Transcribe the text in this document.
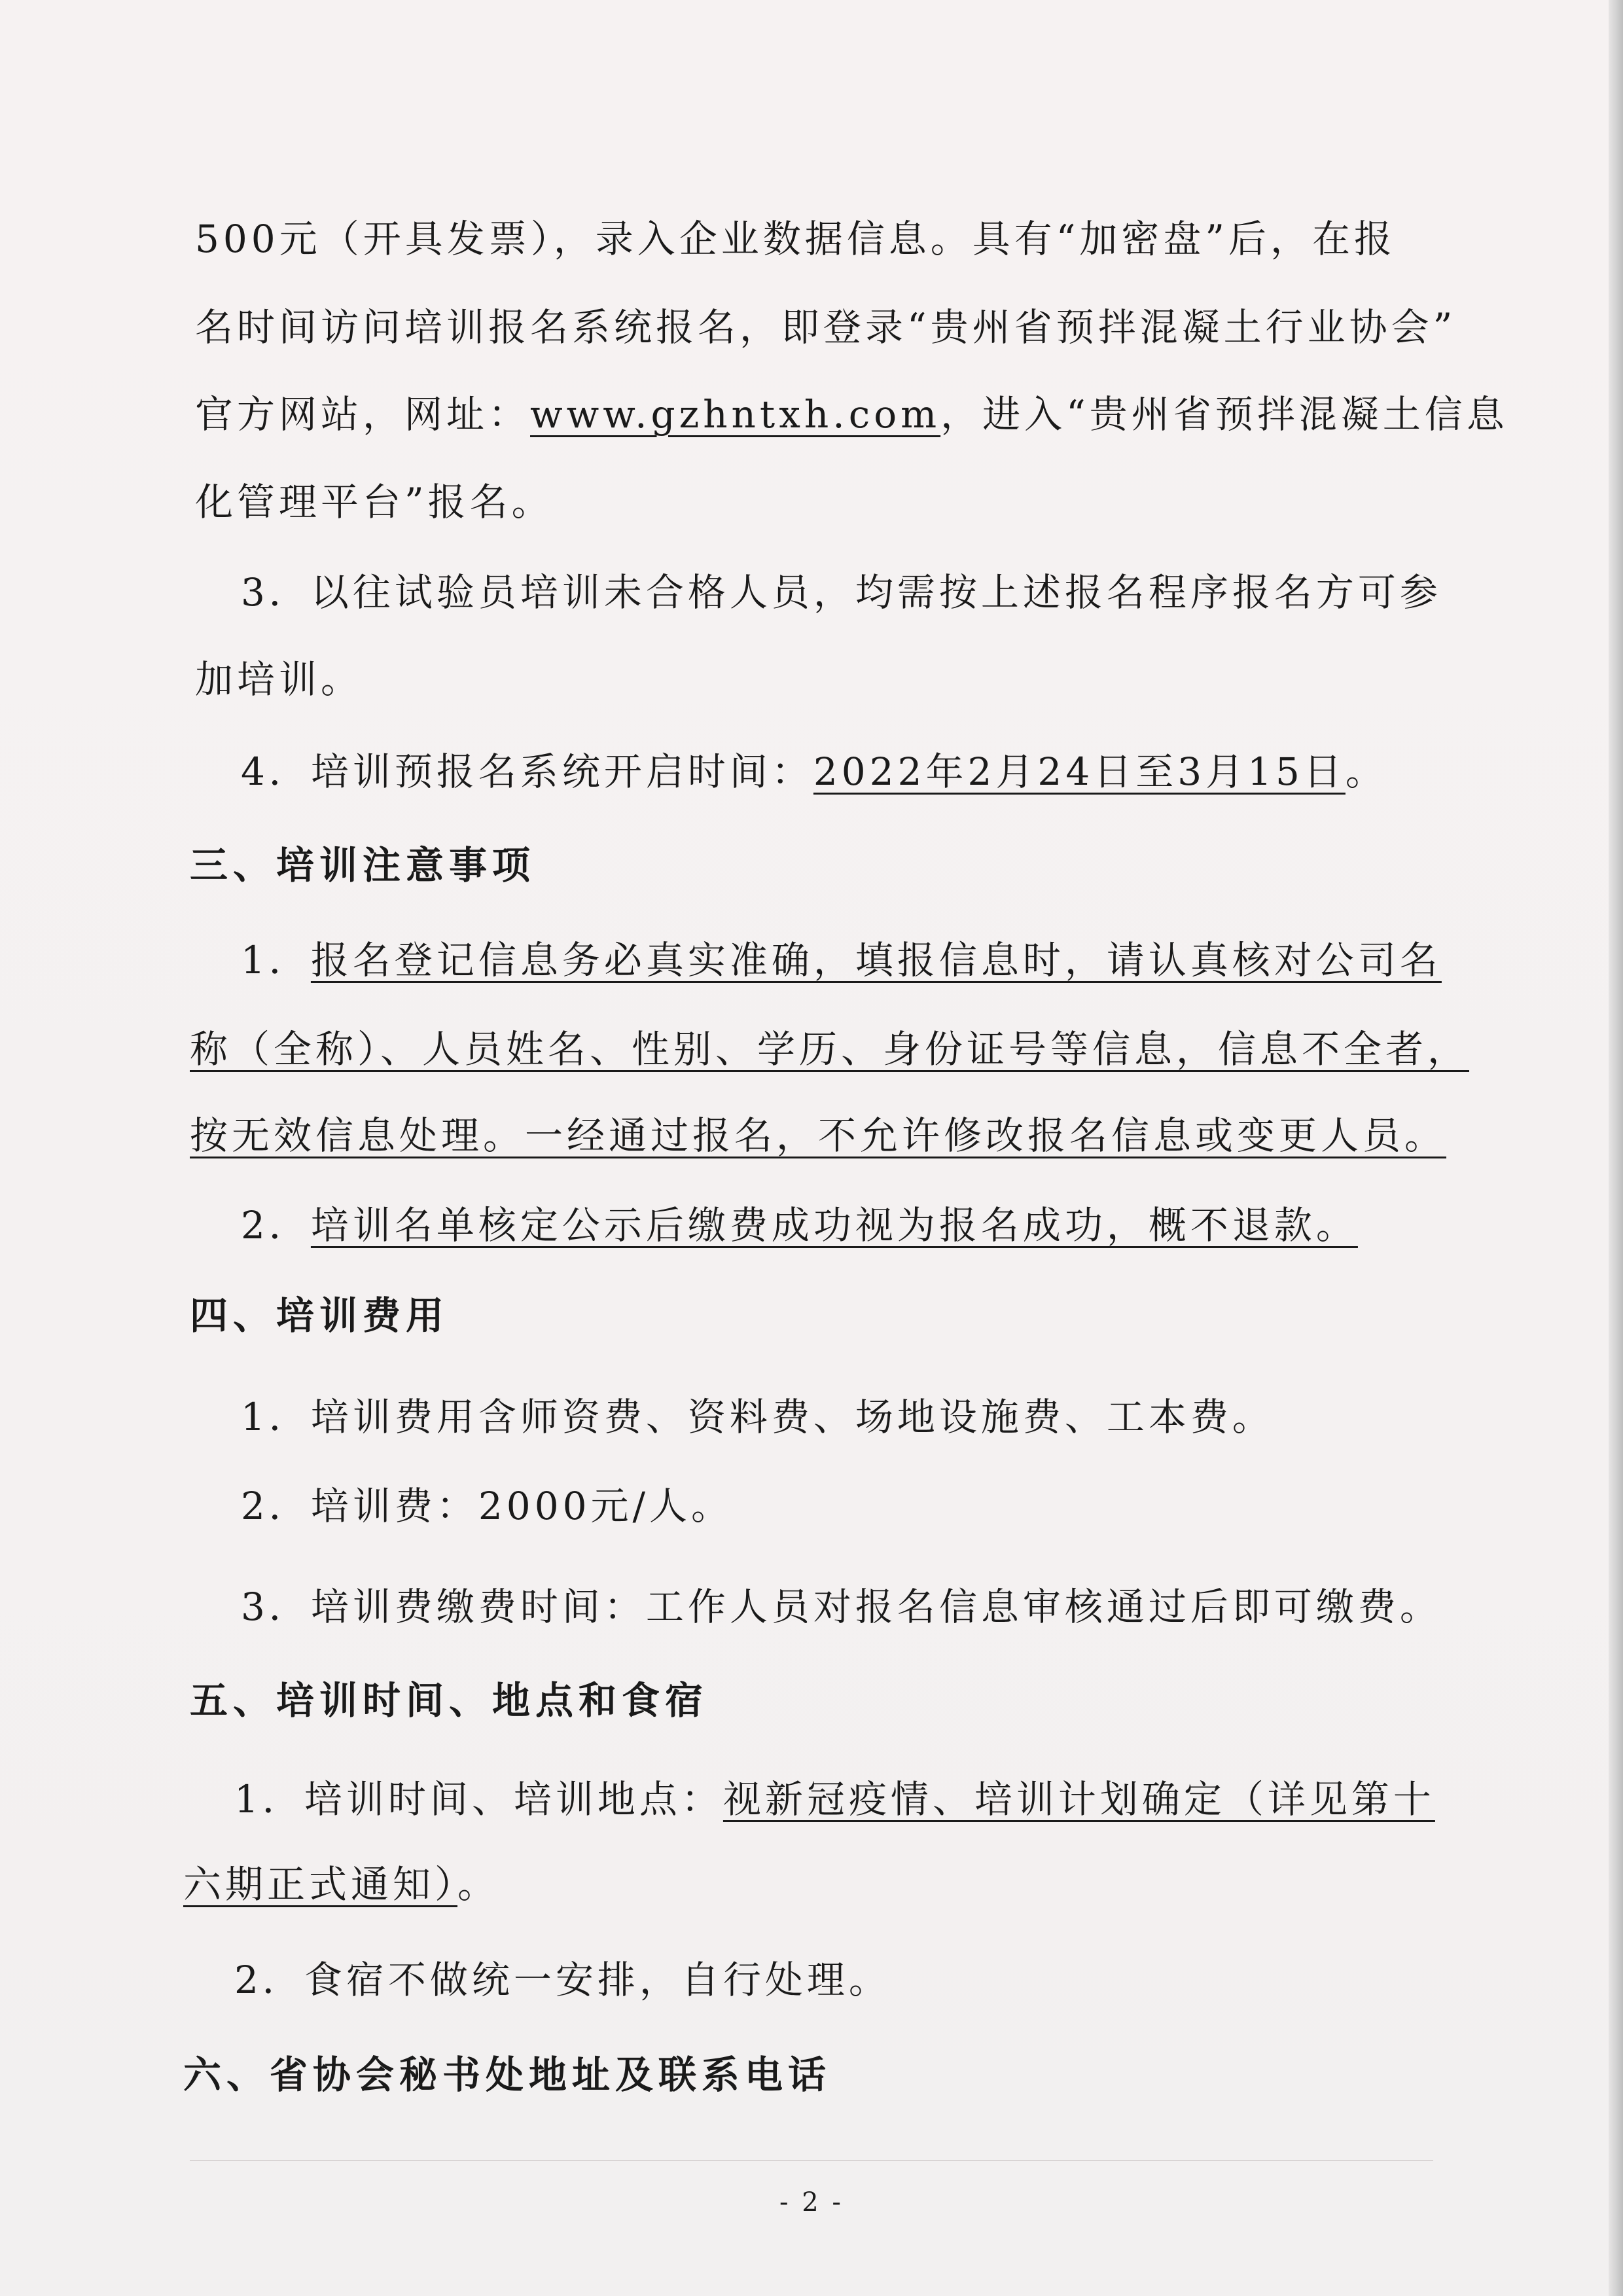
500元（开具发票），录入企业数据信息。具有“加密盘”后，在报
名时间访问培训报名系统报名，即登录“贵州省预拌混凝土行业协会”
官方网站，网址：www.gzhntxh.com，进入“贵州省预拌混凝土信息
化管理平台”报名。
3．以往试验员培训未合格人员，均需按上述报名程序报名方可参
加培训。
4．培训预报名系统开启时间：2022年2月24日至3月15日。
三、培训注意事项
1．报名登记信息务必真实准确，填报信息时，请认真核对公司名
称（全称）、人员姓名、性别、学历、身份证号等信息，信息不全者，
按无效信息处理。一经通过报名，不允许修改报名信息或变更人员。
2．培训名单核定公示后缴费成功视为报名成功，概不退款。
四、培训费用
1．培训费用含师资费、资料费、场地设施费、工本费。
2．培训费：2000元/人。
3．培训费缴费时间：工作人员对报名信息审核通过后即可缴费。
五、培训时间、地点和食宿
1．培训时间、培训地点：视新冠疫情、培训计划确定（详见第十
六期正式通知）。
2．食宿不做统一安排，自行处理。
六、省协会秘书处地址及联系电话
- 2 -
